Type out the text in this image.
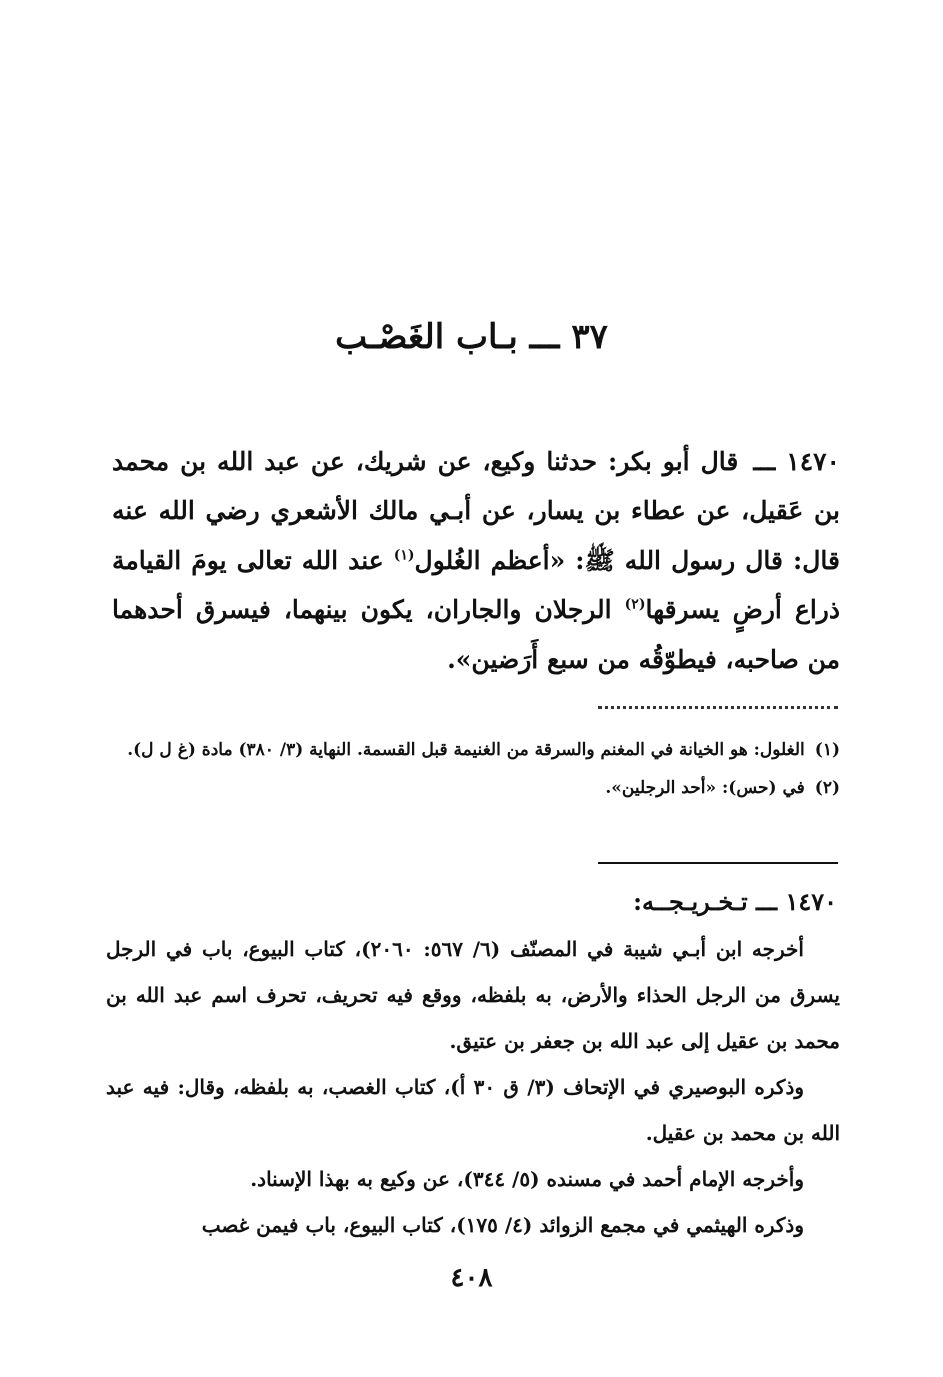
٣٧ ـــ بـاب الغَصْـب

١٤٧٠ ـــ قال أبو بكر: حدثنا وكيع، عن شريك، عن عبد الله بن محمد بن عَقيل، عن عطاء بن يسار، عن أبـي مالك الأشعري رضي الله عنه قال: قال رسول الله ﷺ: «أعظم الغُلول$^{(١)}$ عند الله تعالى يومَ القيامة ذراع أرضٍ يسرقها$^{(٢)}$ الرجلان والجاران، يكون بينهما، فيسرق أحدهما من صاحبه، فيطوّقُه من سبع أَرَضين».

(١)الغلول: هو الخيانة في المغنم والسرقة من الغنيمة قبل القسمة. النهاية (٣/ ٣٨٠) مادة (غ ل ل).

(٢)في (حس): «أحد الرجلين».

١٤٧٠ ـــ تـخـريـجــه:

أخرجه ابن أبـي شيبة في المصنّف (٦/ ٥٦٧: ٢٠٦٠)، كتاب البيوع، باب في الرجل يسرق من الرجل الحذاء والأرض، به بلفظه، ووقع فيه تحريف، تحرف اسم عبد الله بن محمد بن عقيل إلى عبد الله بن جعفر بن عتيق.

وذكره البوصيري في الإتحاف (٣/ ق ٣٠ أ)، كتاب الغصب، به بلفظه، وقال: فيه عبد الله بن محمد بن عقيل.

وأخرجه الإمام أحمد في مسنده (٥/ ٣٤٤)، عن وكيع به بهذا الإسناد.

وذكره الهيثمي في مجمع الزوائد (٤/ ١٧٥)، كتاب البيوع، باب فيمن غصب

٤٠٨
